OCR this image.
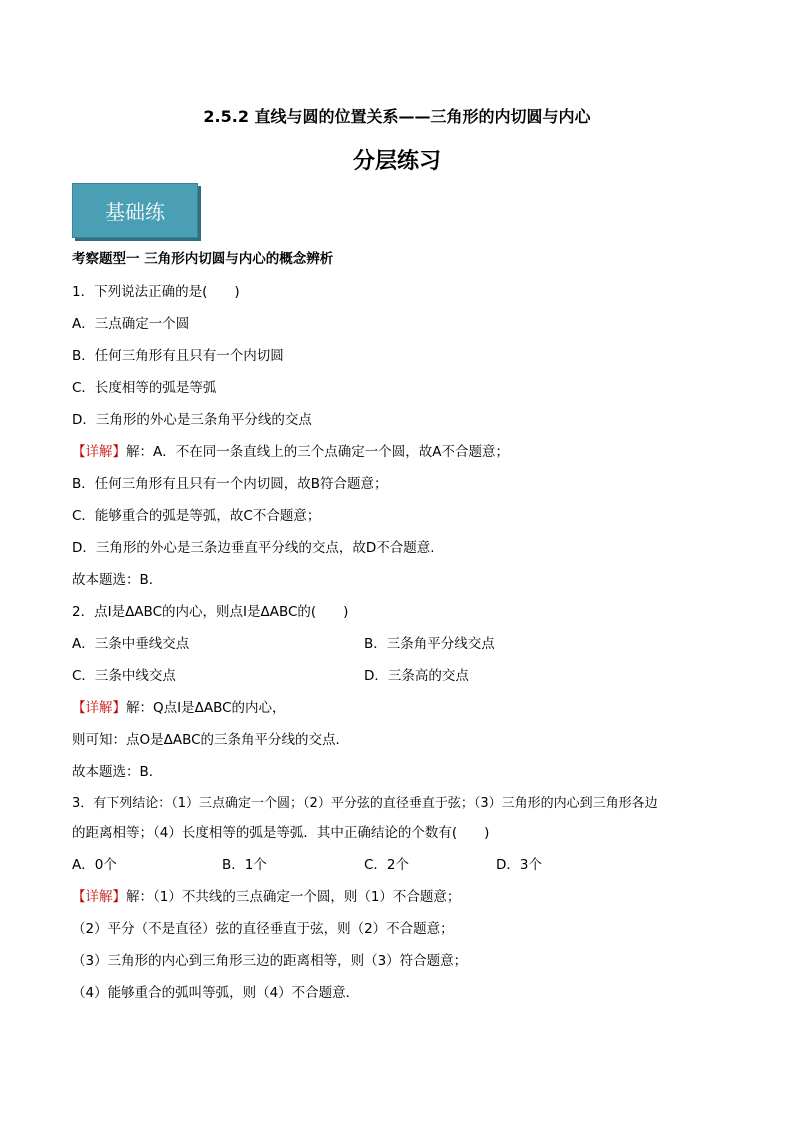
2.5.2 直线与圆的位置关系——三角形的内切圆与内心
分层练习
基础练
考察题型一 三角形内切圆与内心的概念辨析
1．下列说法正确的是(　　)
A．三点确定一个圆
B．任何三角形有且只有一个内切圆
C．长度相等的弧是等弧
D．三角形的外心是三条角平分线的交点
【详解】解：A．不在同一条直线上的三个点确定一个圆，故A不合题意；
B．任何三角形有且只有一个内切圆，故B符合题意；
C．能够重合的弧是等弧，故C不合题意；
D．三角形的外心是三条边垂直平分线的交点，故D不合题意.
故本题选：B．
2．点I是ΔABC的内心，则点I是ΔABC的(　　)
A．三条中垂线交点	B．三条角平分线交点
C．三条中线交点	D．三条高的交点
【详解】解：Q点I是ΔABC的内心，
则可知：点O是ΔABC的三条角平分线的交点．
故本题选：B．
3．有下列结论：（1）三点确定一个圆；（2）平分弦的直径垂直于弦；（3）三角形的内心到三角形各边
的距离相等；（4）长度相等的弧是等弧．其中正确结论的个数有(　　)
A．0个	B．1个	C．2个	D．3个
【详解】解：（1）不共线的三点确定一个圆，则（1）不合题意；
（2）平分（不是直径）弦的直径垂直于弦，则（2）不合题意；
（3）三角形的内心到三角形三边的距离相等，则（3）符合题意；
（4）能够重合的弧叫等弧，则（4）不合题意．
